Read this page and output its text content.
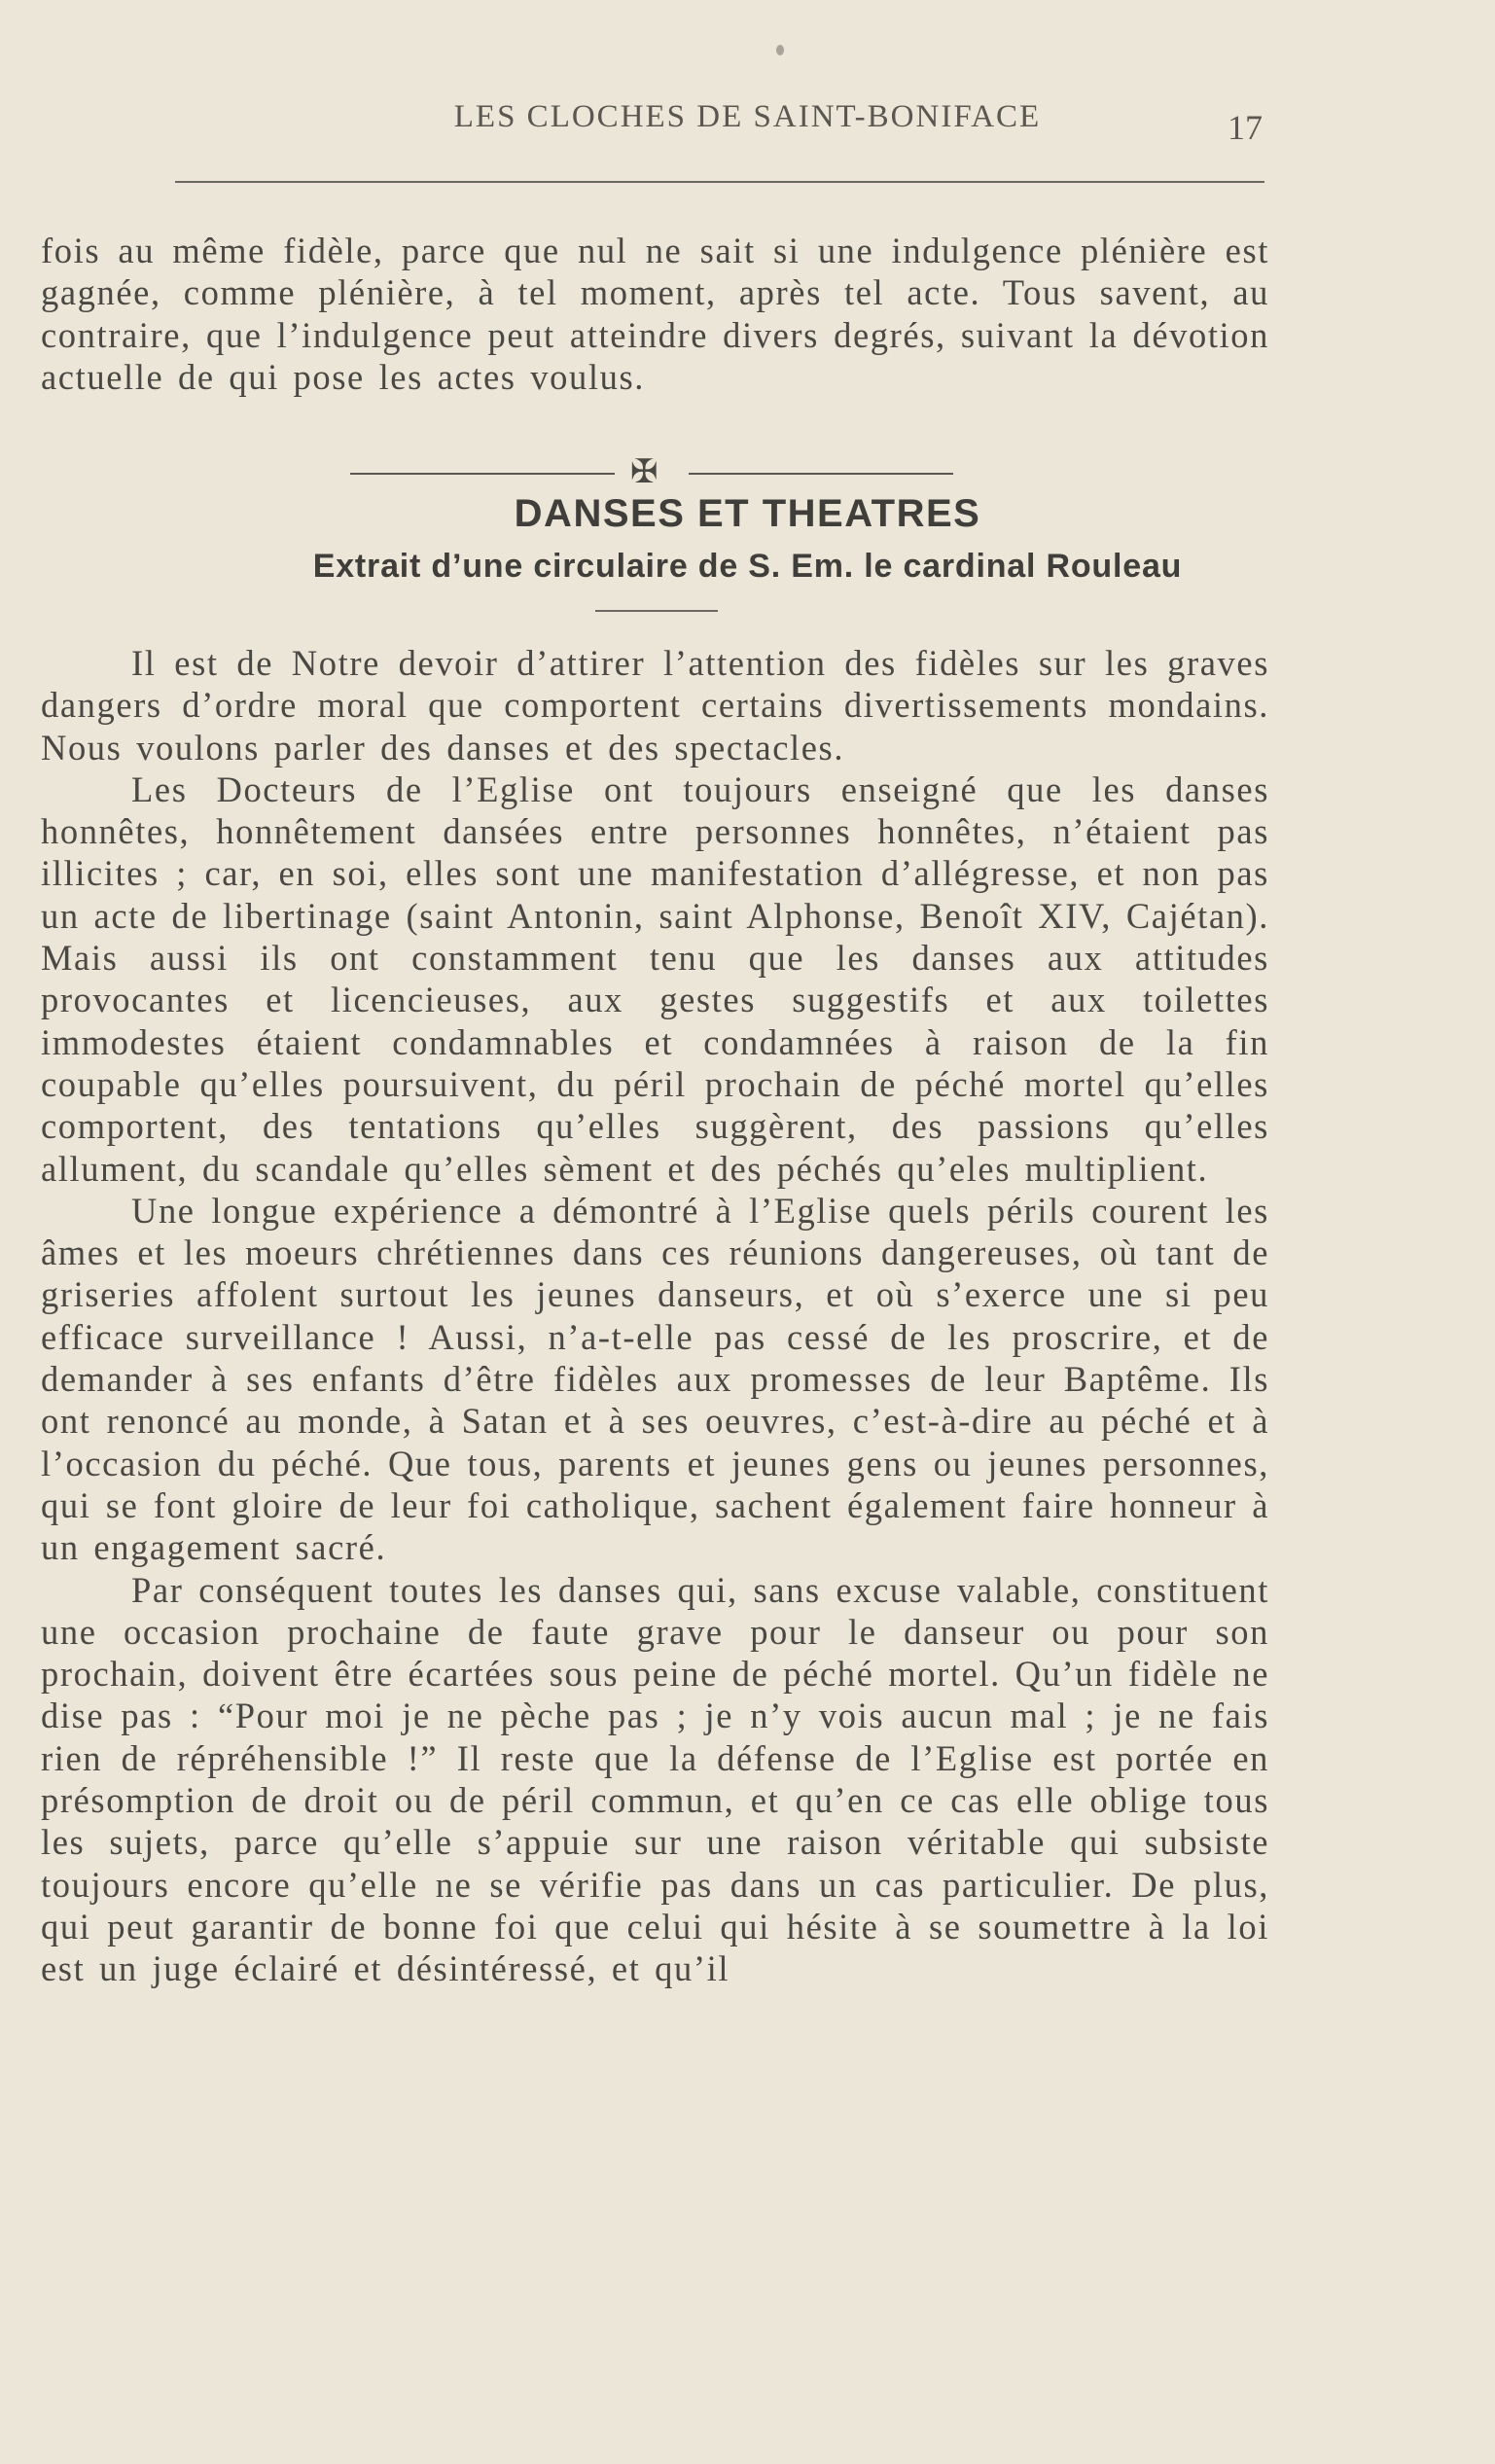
LES CLOCHES DE SAINT-BONIFACE	17

fois au même fidèle, parce que nul ne sait si une indulgence plénière est gagnée, comme plénière, à tel moment, après tel acte. Tous savent, au contraire, que l’indulgence peut atteindre divers degrés, suivant la dévotion actuelle de qui pose les actes voulus.

✠
DANSES ET THEATRES
Extrait d’une circulaire de S. Em. le cardinal Rouleau

Il est de Notre devoir d’attirer l’attention des fidèles sur les graves dangers d’ordre moral que comportent certains divertissements mondains. Nous voulons parler des danses et des spectacles.

Les Docteurs de l’Eglise ont toujours enseigné que les danses honnêtes, honnêtement dansées entre personnes honnêtes, n’étaient pas illicites ; car, en soi, elles sont une manifestation d’allégresse, et non pas un acte de libertinage (saint Antonin, saint Alphonse, Benoît XIV, Cajétan). Mais aussi ils ont constamment tenu que les danses aux attitudes provocantes et licencieuses, aux gestes suggestifs et aux toilettes immodestes étaient condamnables et condamnées à raison de la fin coupable qu’elles poursuivent, du péril prochain de péché mortel qu’elles comportent, des tentations qu’elles suggèrent, des passions qu’elles allument, du scandale qu’elles sèment et des péchés qu’eles multiplient.

Une longue expérience a démontré à l’Eglise quels périls courent les âmes et les moeurs chrétiennes dans ces réunions dangereuses, où tant de griseries affolent surtout les jeunes danseurs, et où s’exerce une si peu efficace surveillance ! Aussi, n’a-t-elle pas cessé de les proscrire, et de demander à ses enfants d’être fidèles aux promesses de leur Baptême. Ils ont renoncé au monde, à Satan et à ses oeuvres, c’est-à-dire au péché et à l’occasion du péché. Que tous, parents et jeunes gens ou jeunes personnes, qui se font gloire de leur foi catholique, sachent également faire honneur à un engagement sacré.

Par conséquent toutes les danses qui, sans excuse valable, constituent une occasion prochaine de faute grave pour le danseur ou pour son prochain, doivent être écartées sous peine de péché mortel. Qu’un fidèle ne dise pas : “Pour moi je ne pèche pas ; je n’y vois aucun mal ; je ne fais rien de répréhensible !” Il reste que la défense de l’Eglise est portée en présomption de droit ou de péril commun, et qu’en ce cas elle oblige tous les sujets, parce qu’elle s’appuie sur une raison véritable qui subsiste toujours encore qu’elle ne se vérifie pas dans un cas particulier. De plus, qui peut garantir de bonne foi que celui qui hésite à se soumettre à la loi est un juge éclairé et désintéressé, et qu’il
